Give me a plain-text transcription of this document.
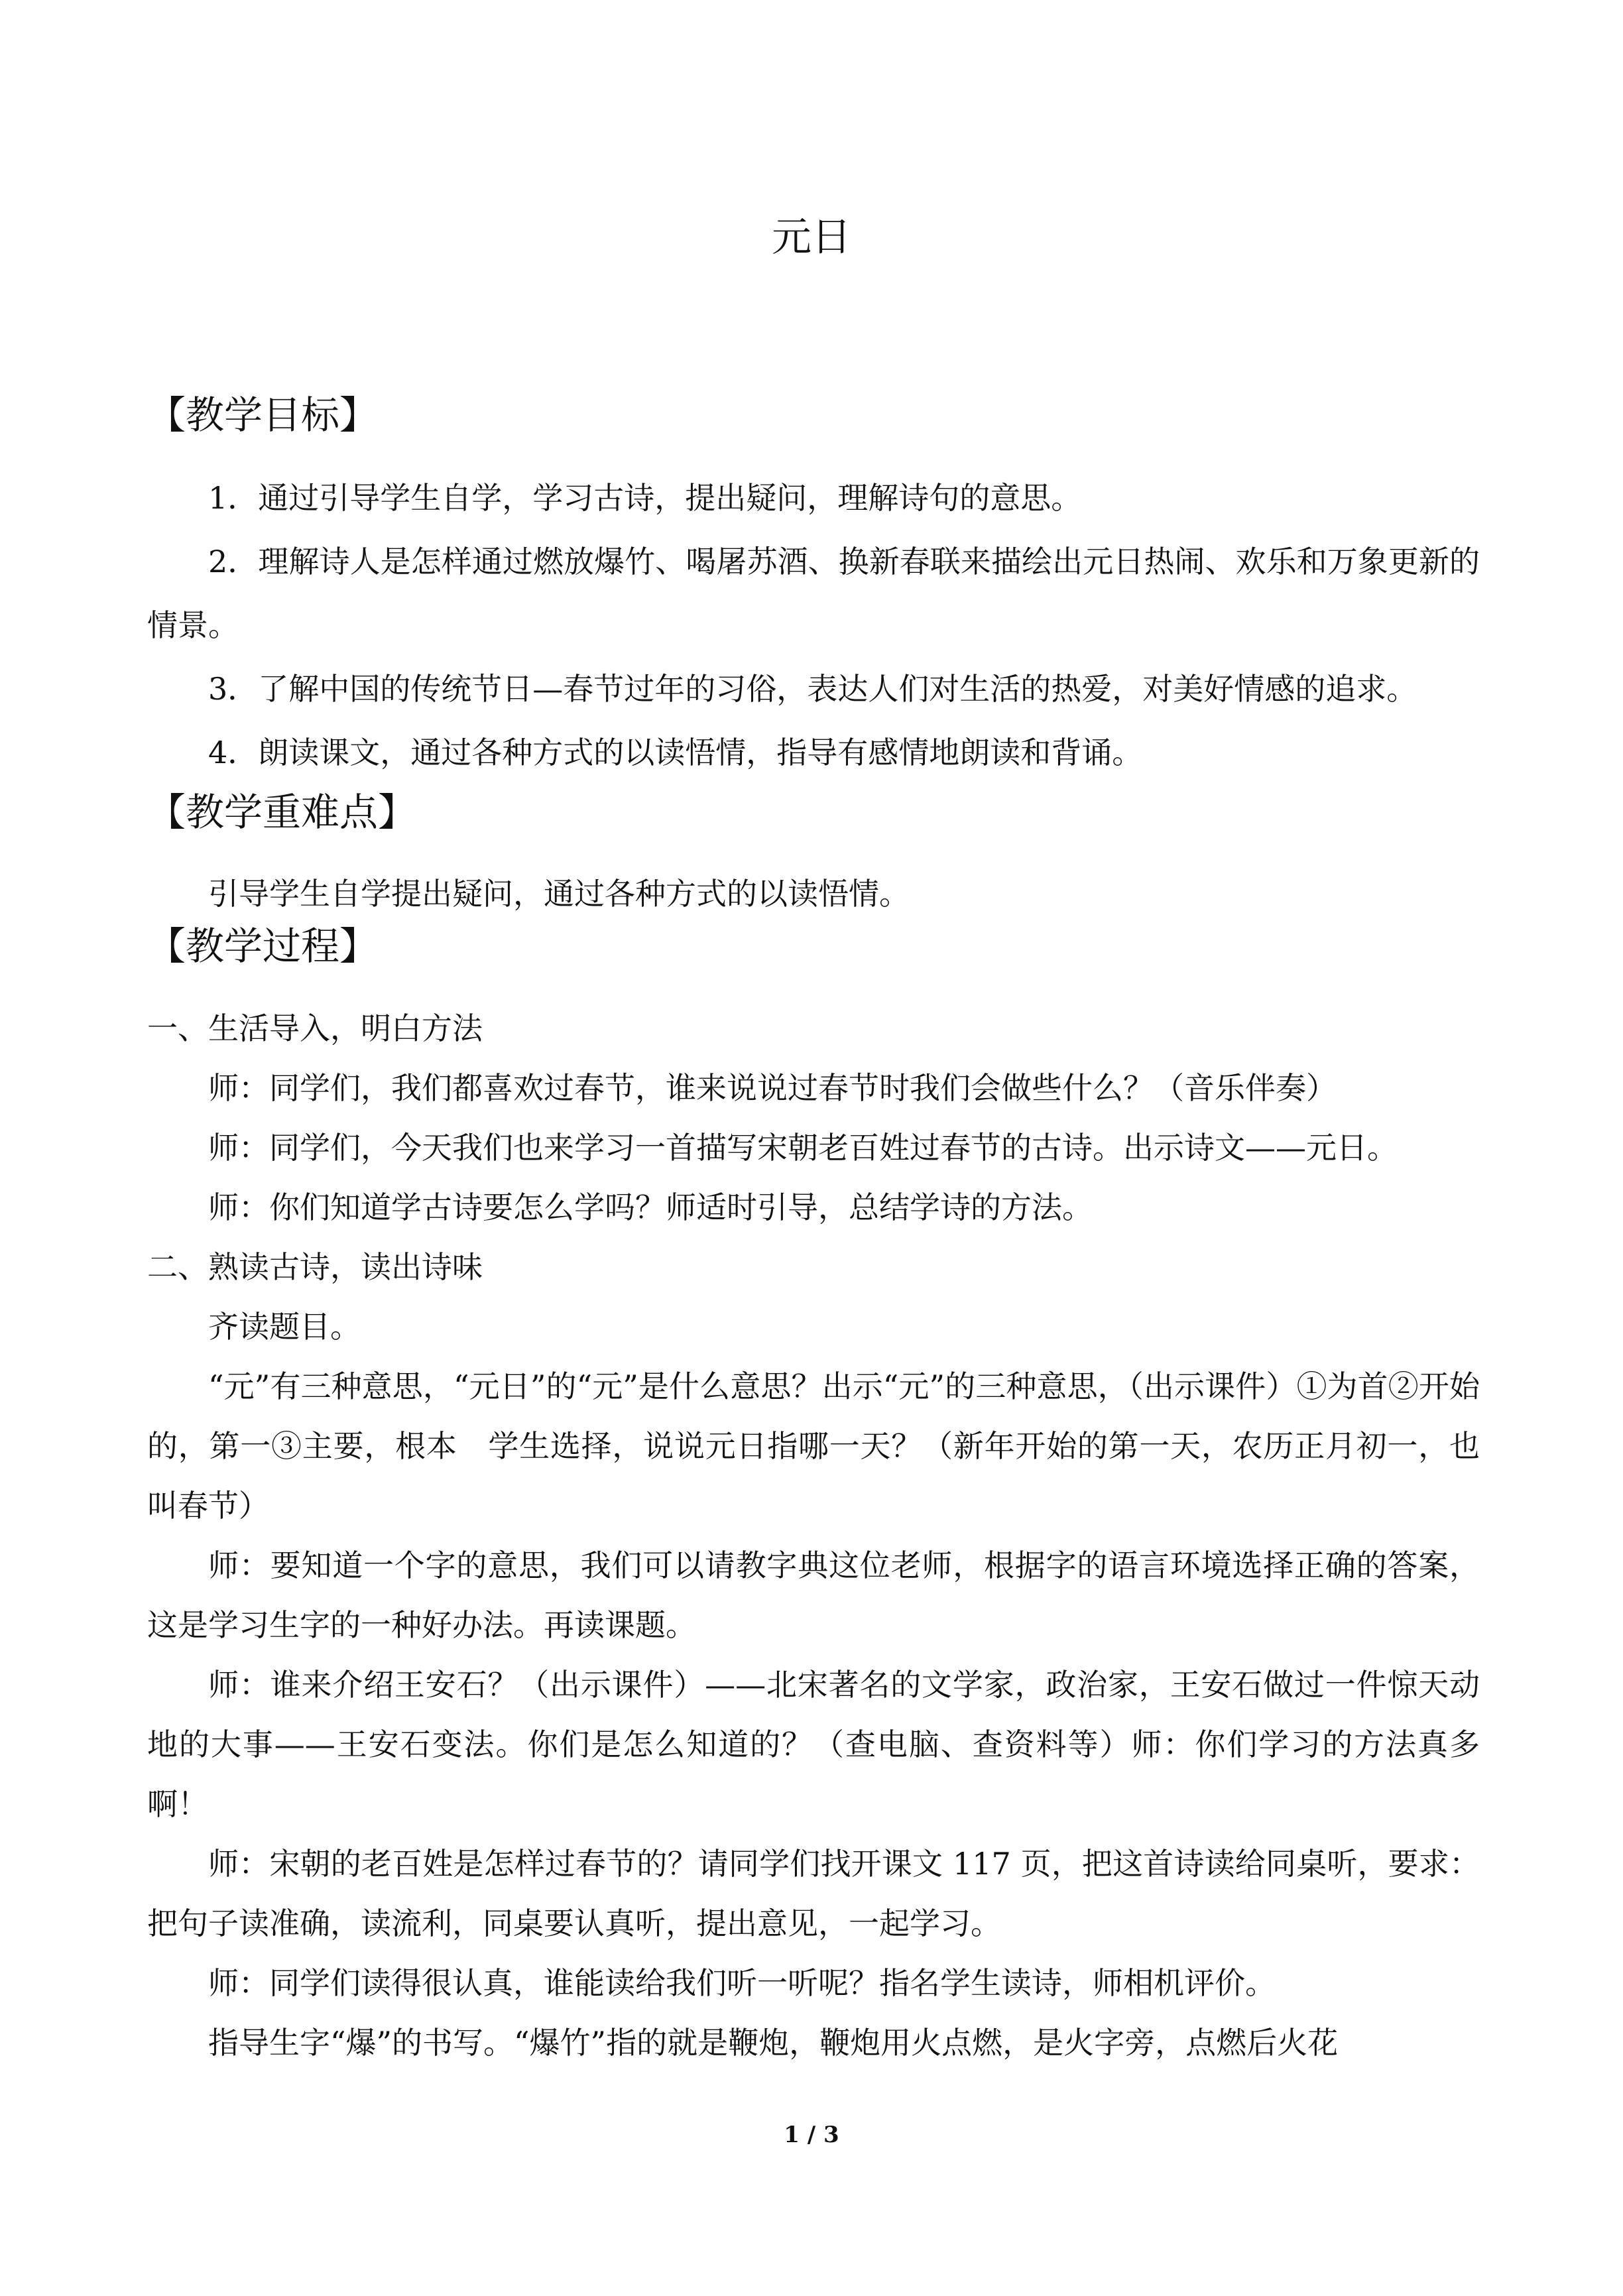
元日
【教学目标】
1．通过引导学生自学，学习古诗，提出疑问，理解诗句的意思。
2．理解诗人是怎样通过燃放爆竹、喝屠苏酒、换新春联来描绘出元日热闹、欢乐和万象更新的情景。
3．了解中国的传统节日—春节过年的习俗，表达人们对生活的热爱，对美好情感的追求。
4．朗读课文，通过各种方式的以读悟情，指导有感情地朗读和背诵。
【教学重难点】
引导学生自学提出疑问，通过各种方式的以读悟情。
【教学过程】
一、生活导入，明白方法
师：同学们，我们都喜欢过春节，谁来说说过春节时我们会做些什么？（音乐伴奏）
师：同学们，今天我们也来学习一首描写宋朝老百姓过春节的古诗。出示诗文——元日。
师：你们知道学古诗要怎么学吗？师适时引导，总结学诗的方法。
二、熟读古诗，读出诗味
齐读题目。
“元”有三种意思，“元日”的“元”是什么意思？出示“元”的三种意思，（出示课件）①为首②开始的，第一③主要，根本　学生选择，说说元日指哪一天？（新年开始的第一天，农历正月初一，也叫春节）
师：要知道一个字的意思，我们可以请教字典这位老师，根据字的语言环境选择正确的答案，这是学习生字的一种好办法。再读课题。
师：谁来介绍王安石？（出示课件）——北宋著名的文学家，政治家，王安石做过一件惊天动地的大事——王安石变法。你们是怎么知道的？（查电脑、查资料等）师：你们学习的方法真多啊！
师：宋朝的老百姓是怎样过春节的？请同学们找开课文 117 页，把这首诗读给同桌听，要求：把句子读准确，读流利，同桌要认真听，提出意见，一起学习。
师：同学们读得很认真，谁能读给我们听一听呢？指名学生读诗，师相机评价。
指导生字“爆”的书写。“爆竹”指的就是鞭炮，鞭炮用火点燃，是火字旁，点燃后火花
1 / 3
